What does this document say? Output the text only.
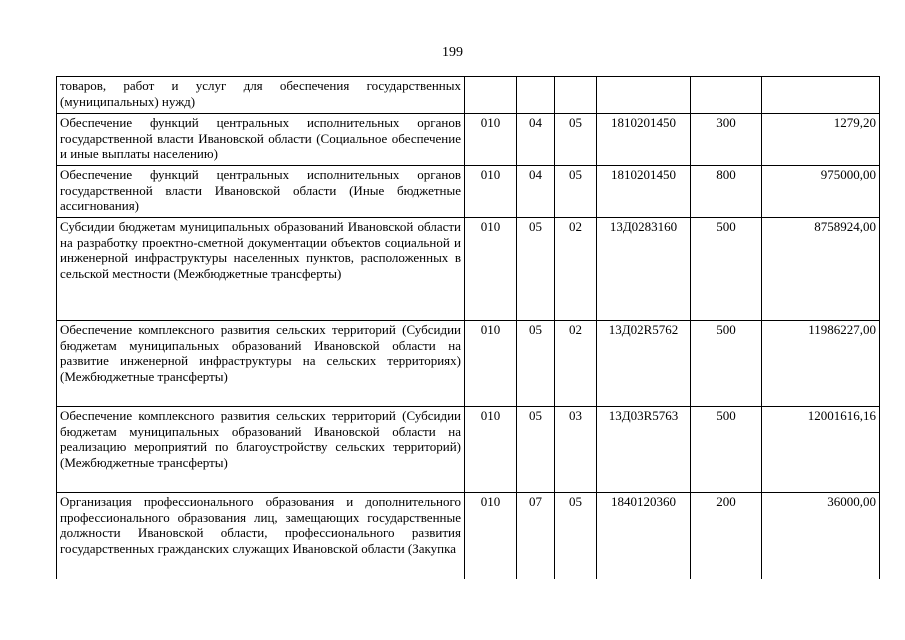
199
товаров, работ и услуг для обеспечения государственных (муниципальных) нужд)						
Обеспечение функций центральных исполнительных органов государственной власти Ивановской области (Социальное обеспечение и иные выплаты населению)	010	04	05	1810201450	300	1279,20
Обеспечение функций центральных исполнительных органов государственной власти Ивановской области (Иные бюджетные ассигнования)	010	04	05	1810201450	800	975000,00
Субсидии бюджетам муниципальных образований Ивановской области на разработку проектно-сметной документации объектов социальной и инженерной инфраструктуры населенных пунктов, расположенных в сельской местности (Межбюджетные трансферты)	010	05	02	13Д0283160	500	8758924,00
Обеспечение комплексного развития сельских территорий (Субсидии бюджетам муниципальных образований Ивановской области на развитие инженерной инфраструктуры на сельских территориях) (Межбюджетные трансферты)	010	05	02	13Д02R5762	500	11986227,00
Обеспечение комплексного развития сельских территорий (Субсидии бюджетам муниципальных образований Ивановской области на реализацию мероприятий по благоустройству сельских территорий) (Межбюджетные трансферты)	010	05	03	13Д03R5763	500	12001616,16
Организация профессионального образования и дополнительного профессионального образования лиц, замещающих государственные должности Ивановской области, профессионального развития государственных гражданских служащих Ивановской области (Закупка	010	07	05	1840120360	200	36000,00
